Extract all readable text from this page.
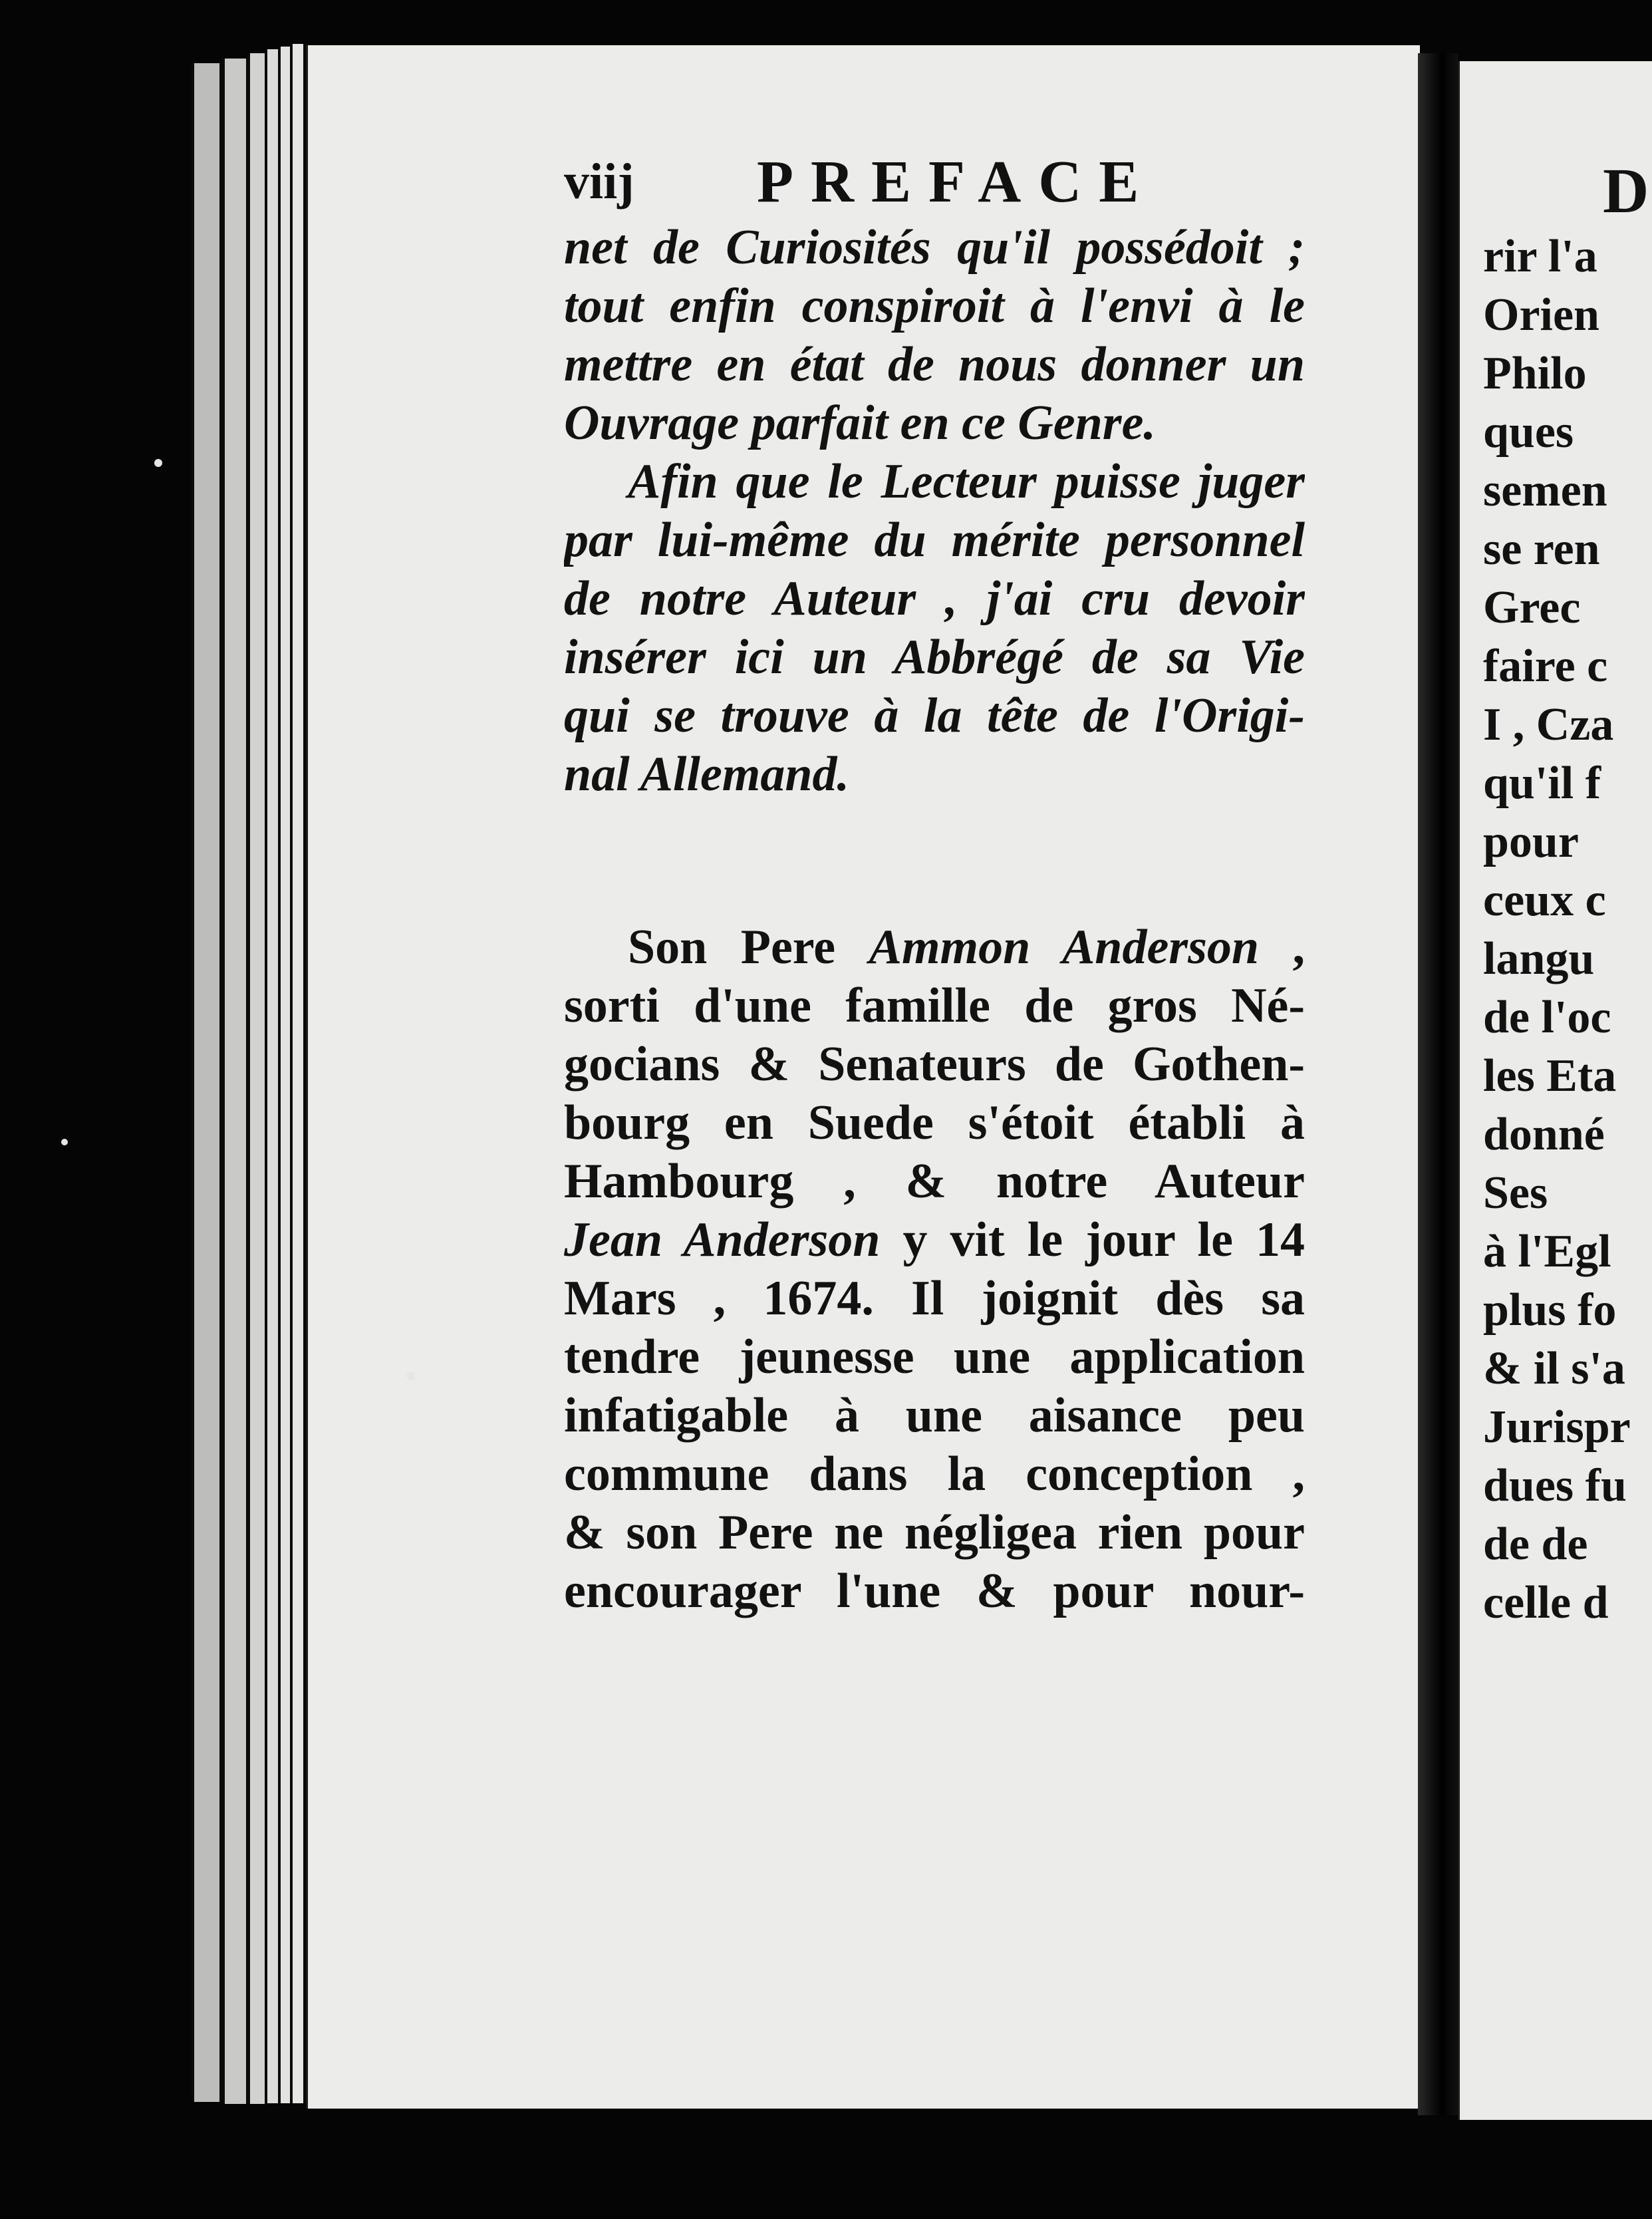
viij PREFACE
net de Curiosités qu'il possédoit ;
tout enfin conspiroit à l'envi à le
mettre en état de nous donner un
Ouvrage parfait en ce Genre.
Afin que le Lecteur puisse juger
par lui-même du mérite personnel
de notre Auteur , j'ai cru devoir
insérer ici un Abbrégé de sa Vie
qui se trouve à la tête de l'Origi-
nal Allemand.
Son Pere Ammon Anderson ,
sorti d'une famille de gros Né-
gocians & Senateurs de Gothen-
bourg en Suede s'étoit établi à
Hambourg , & notre Auteur
Jean Anderson y vit le jour le 14
Mars , 1674. Il joignit dès sa
tendre jeunesse une application
infatigable à une aisance peu
commune dans la conception ,
& son Pere ne négligea rien pour
encourager l'une & pour nour-
D
rir l'a
Orien
Philo
ques
semen
se ren
Grec
faire c
I , Cza
qu'il f
pour
ceux c
langu
de l'oc
les Eta
donné
Ses
à l'Egl
plus fo
& il s'a
Jurispr
dues fu
de de
celle d
